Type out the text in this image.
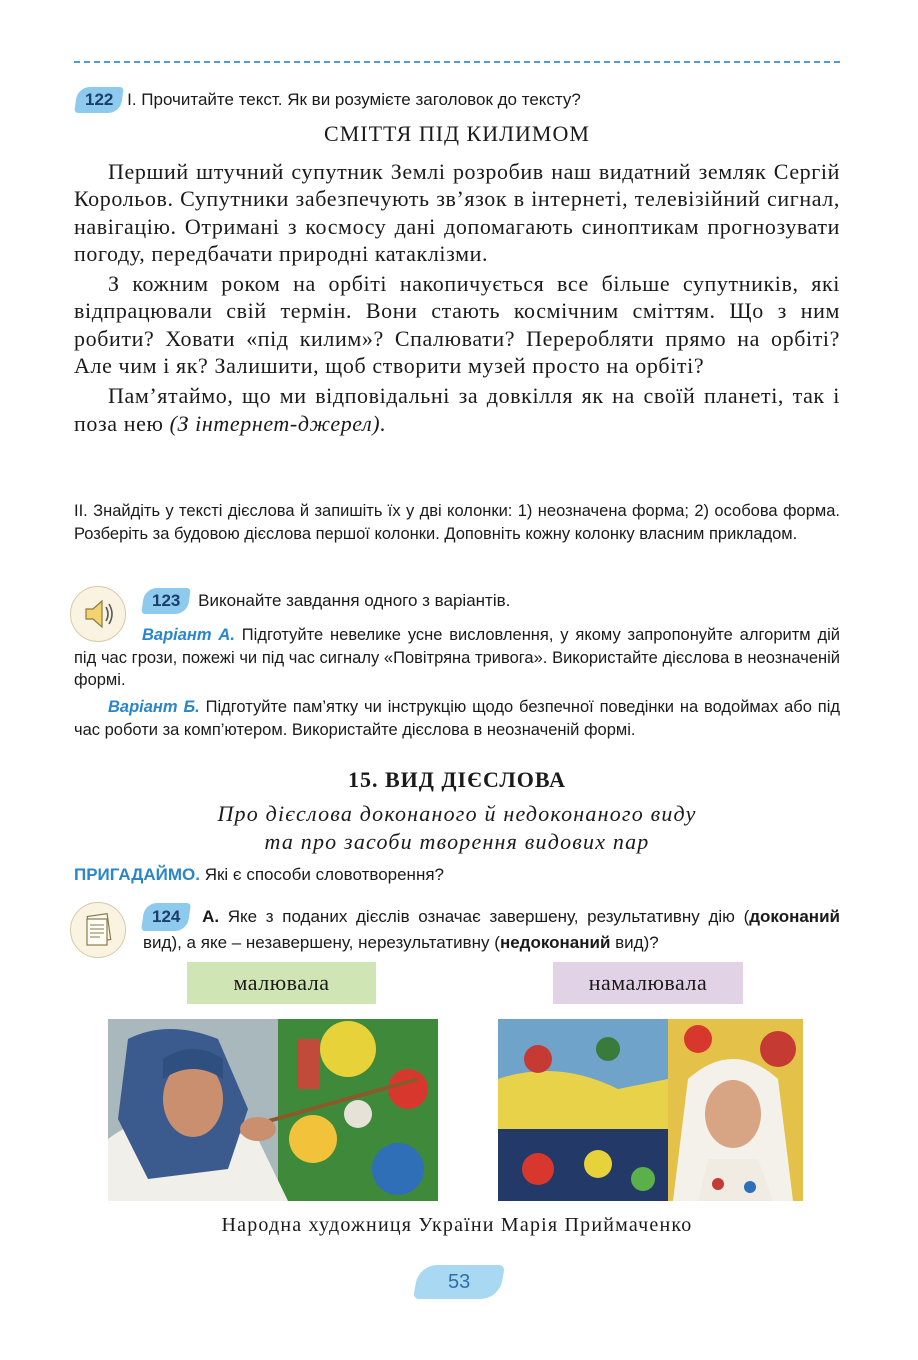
122 І. Прочитайте текст. Як ви розумієте заголовок до тексту?
СМІТТЯ ПІД КИЛИМОМ

Перший штучний супутник Землі розробив наш видатний земляк Сергій Корольов. Супутники забезпечують зв’язок в інтернеті, телевізійний сигнал, навігацію. Отримані з космосу дані допомагають синоптикам прогнозувати погоду, передбачати природні катаклізми.

З кожним роком на орбіті накопичується все більше супутників, які відпрацювали свій термін. Вони стають космічним сміттям. Що з ним робити? Ховати «під килим»? Спалювати? Переробляти прямо на орбіті? Але чим і як? Залишити, щоб створити музей просто на орбіті?

Пам’ятаймо, що ми відповідальні за довкілля як на своїй планеті, так і поза нею (З інтернет-джерел).

ІІ. Знайдіть у тексті дієслова й запишіть їх у дві колонки: 1) неозначена форма; 2) особова форма. Розберіть за будовою дієслова першої колонки. Доповніть кожну колонку власним прикладом.
123 Виконайте завдання одного з варіантів.
Варіант А. Підготуйте невелике усне висловлення, у якому запропонуйте алгоритм дій під час грози, пожежі чи під час сигналу «Повітряна тривога». Використайте дієслова в неозначеній формі.
Варіант Б. Підготуйте пам’ятку чи інструкцію щодо безпечної поведінки на водоймах або під час роботи за комп’ютером. Використайте дієслова в неозначеній формі.
15. ВИД ДІЄСЛОВА
Про дієслова доконаного й недоконаного виду
та про засоби творення видових пар
ПРИГАДАЙМО. Які є способи словотворення?
124 А. Яке з поданих дієслів означає завершену, результативну дію (доконаний вид), а яке – незавершену, нерезультативну (недоконаний вид)?
малювала	намалювала
Народна художниця України Марія Приймаченко
53
